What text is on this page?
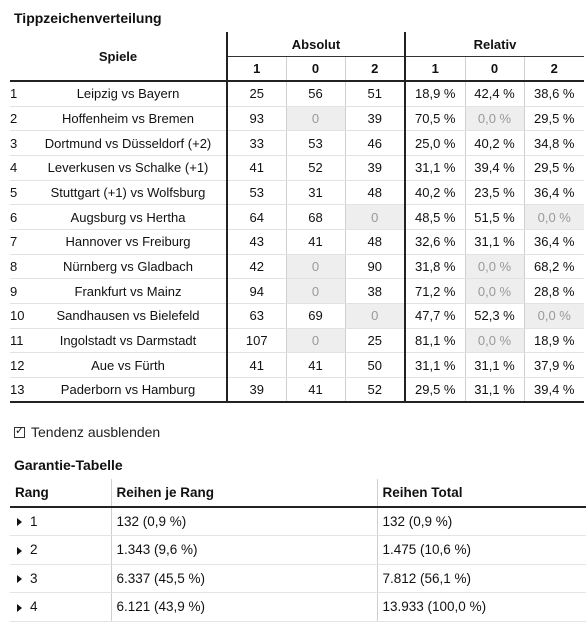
Tippzeichenverteilung
Spiele		Absolut			Relativ		
		1	0	2	1	0	2
1	Leipzig vs Bayern	25	56	51	18,9 %	42,4 %	38,6 %
2	Hoffenheim vs Bremen	93	0	39	70,5 %	0,0 %	29,5 %
3	Dortmund vs Düsseldorf (+2)	33	53	46	25,0 %	40,2 %	34,8 %
4	Leverkusen vs Schalke (+1)	41	52	39	31,1 %	39,4 %	29,5 %
5	Stuttgart (+1) vs Wolfsburg	53	31	48	40,2 %	23,5 %	36,4 %
6	Augsburg vs Hertha	64	68	0	48,5 %	51,5 %	0,0 %
7	Hannover vs Freiburg	43	41	48	32,6 %	31,1 %	36,4 %
8	Nürnberg vs Gladbach	42	0	90	31,8 %	0,0 %	68,2 %
9	Frankfurt vs Mainz	94	0	38	71,2 %	0,0 %	28,8 %
10	Sandhausen vs Bielefeld	63	69	0	47,7 %	52,3 %	0,0 %
11	Ingolstadt vs Darmstadt	107	0	25	81,1 %	0,0 %	18,9 %
12	Aue vs Fürth	41	41	50	31,1 %	31,1 %	37,9 %
13	Paderborn vs Hamburg	39	41	52	29,5 %	31,1 %	39,4 %
✓
Tendenz ausblenden
Garantie-Tabelle
Rang	Reihen je Rang	Reihen Total
1	132 (0,9 %)	132 (0,9 %)
2	1.343 (9,6 %)	1.475 (10,6 %)
3	6.337 (45,5 %)	7.812 (56,1 %)
4	6.121 (43,9 %)	13.933 (100,0 %)
